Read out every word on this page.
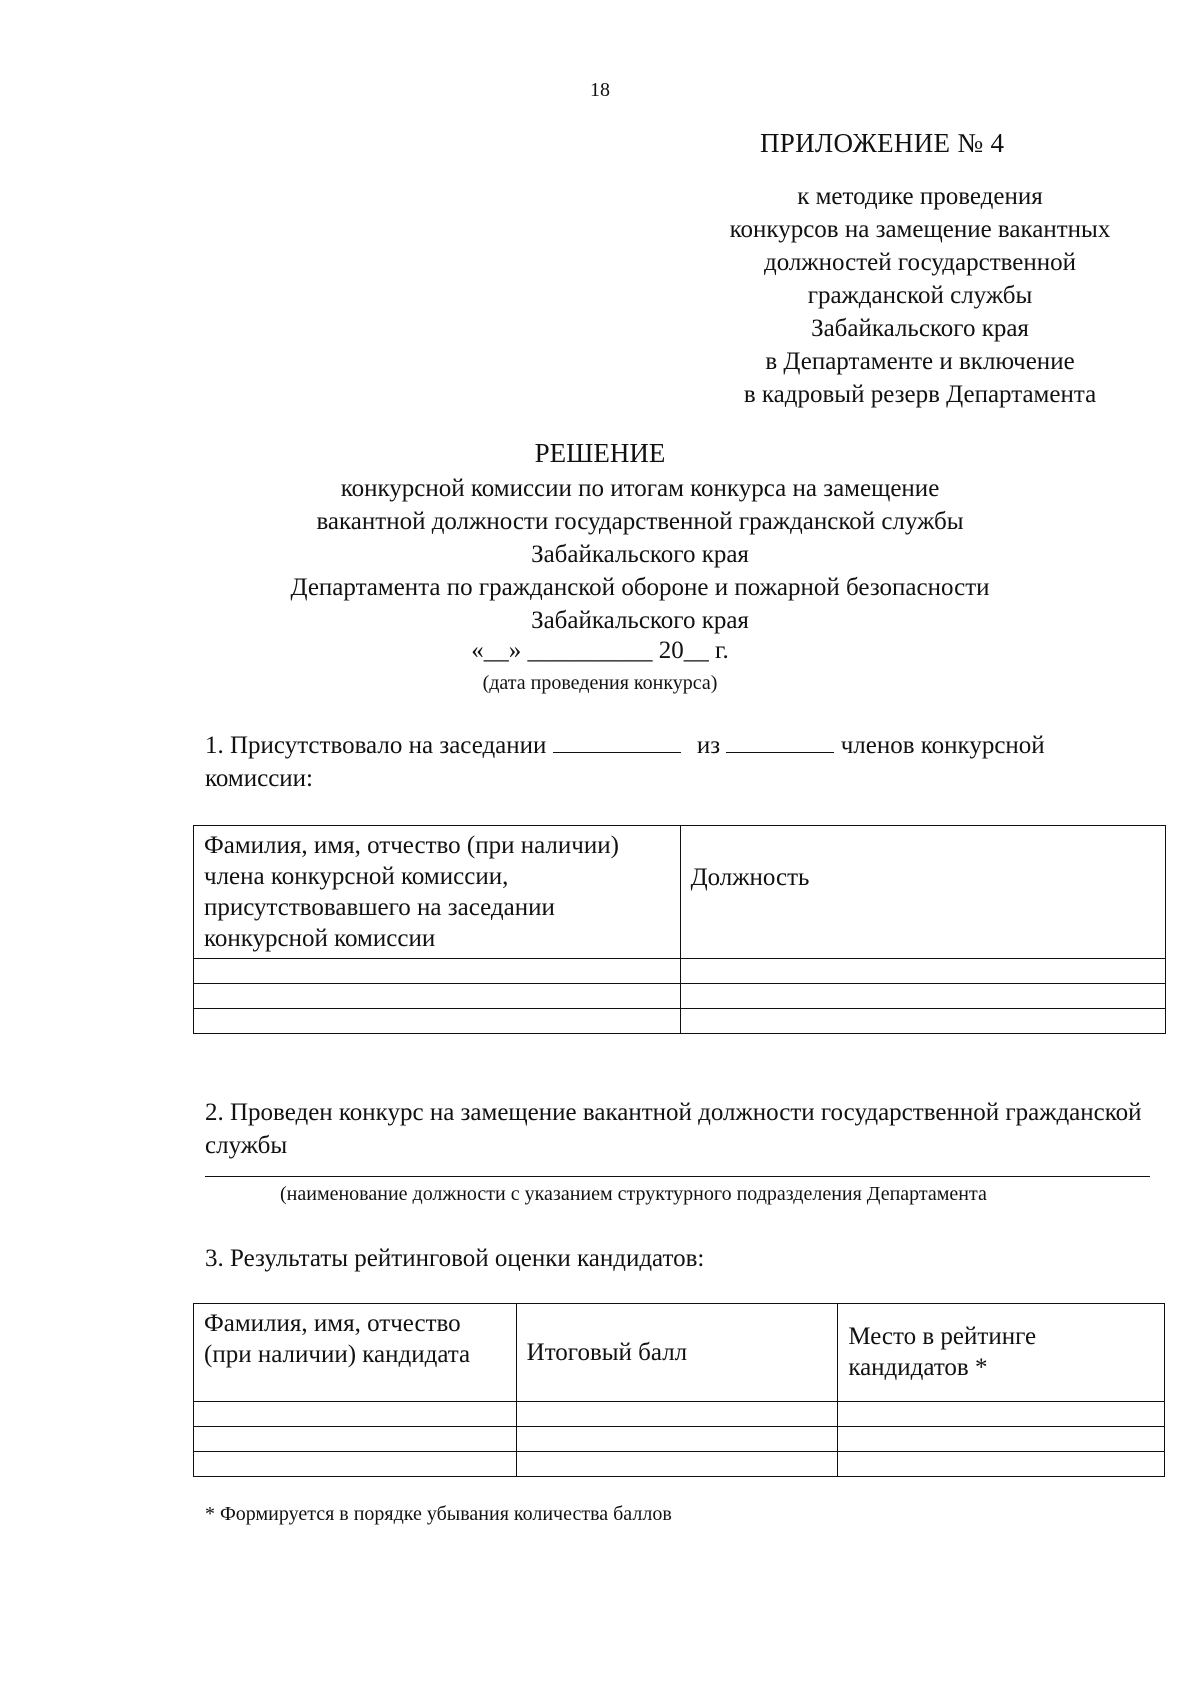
18
ПРИЛОЖЕНИЕ № 4
к методике проведения
конкурсов на замещение вакантных
должностей государственной
гражданской службы
Забайкальского края
в Департаменте и включение
в кадровый резерв Департамента
РЕШЕНИЕ
конкурсной комиссии по итогам конкурса на замещение
вакантной должности государственной гражданской службы
Забайкальского края
Департамента по гражданской обороне и пожарной безопасности
Забайкальского края
«__» __________ 20__ г.
(дата проведения конкурса)
1. Присутствовало на заседании	из	членов конкурсной комиссии:
Фамилия, имя, отчество (при наличии) члена конкурсной комиссии, присутствовавшего на заседании конкурсной комиссии	Должность

2. Проведен конкурс на замещение вакантной должности государственной гражданской службы
(наименование должности с указанием структурного подразделения Департамента
3. Результаты рейтинговой оценки кандидатов:
Фамилия, имя, отчество (при наличии) кандидата	Итоговый балл	Место в рейтинге кандидатов *

* Формируется в порядке убывания количества баллов
